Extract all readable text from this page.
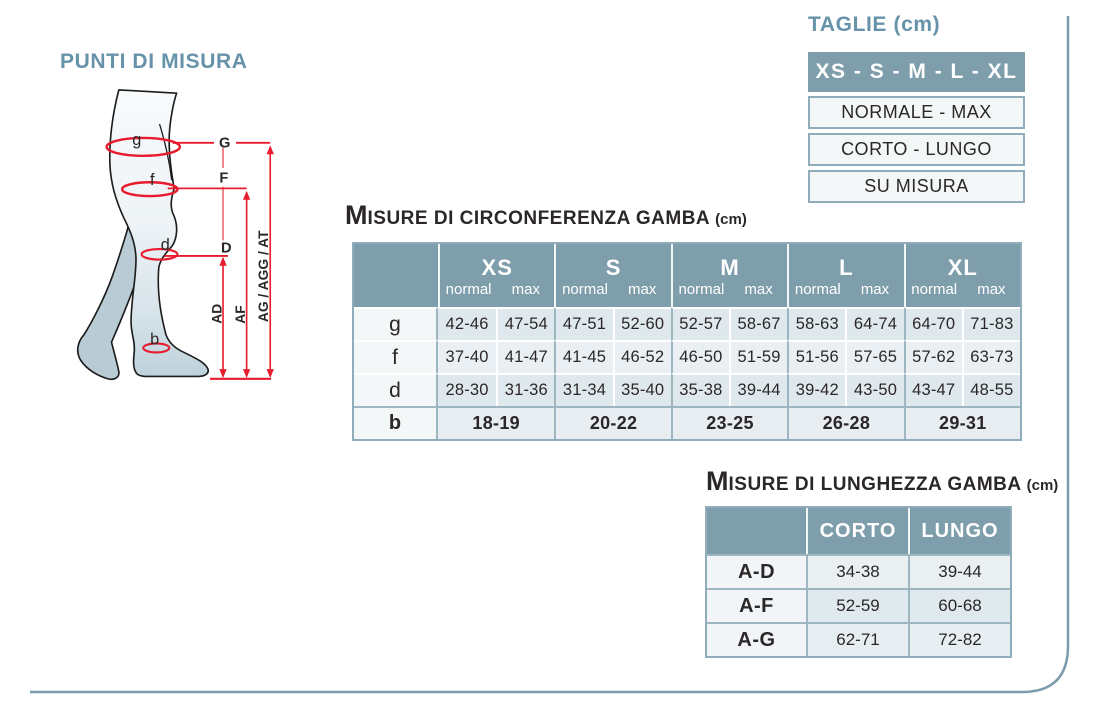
PUNTI DI MISURA
g
f
d
b
G
F
D
AD AF AG / AGG / AT
TAGLIE (cm)
XS - S - M - L - XL
NORMALE - MAX
CORTO - LUNGO
SU MISURA
MISURE DI CIRCONFERENZA GAMBA (cm)
XS
normal	max
S
normal	max
M
normal	max
L
normal	max
XL
normal	max
g	42-46 47-54 47-51 52-60 52-57 58-67 58-63 64-74 64-70 71-83
f	37-40 41-47 41-45 46-52 46-50 51-59 51-56 57-65 57-62 63-73
d	28-30 31-36 31-34 35-40 35-38 39-44 39-42 43-50 43-47 48-55
b	18-19	20-22	23-25	26-28	29-31
MISURE DI LUNGHEZZA GAMBA (cm)
CORTO	LUNGO
A-D	34-38	39-44
A-F	52-59	60-68
A-G	62-71	72-82
